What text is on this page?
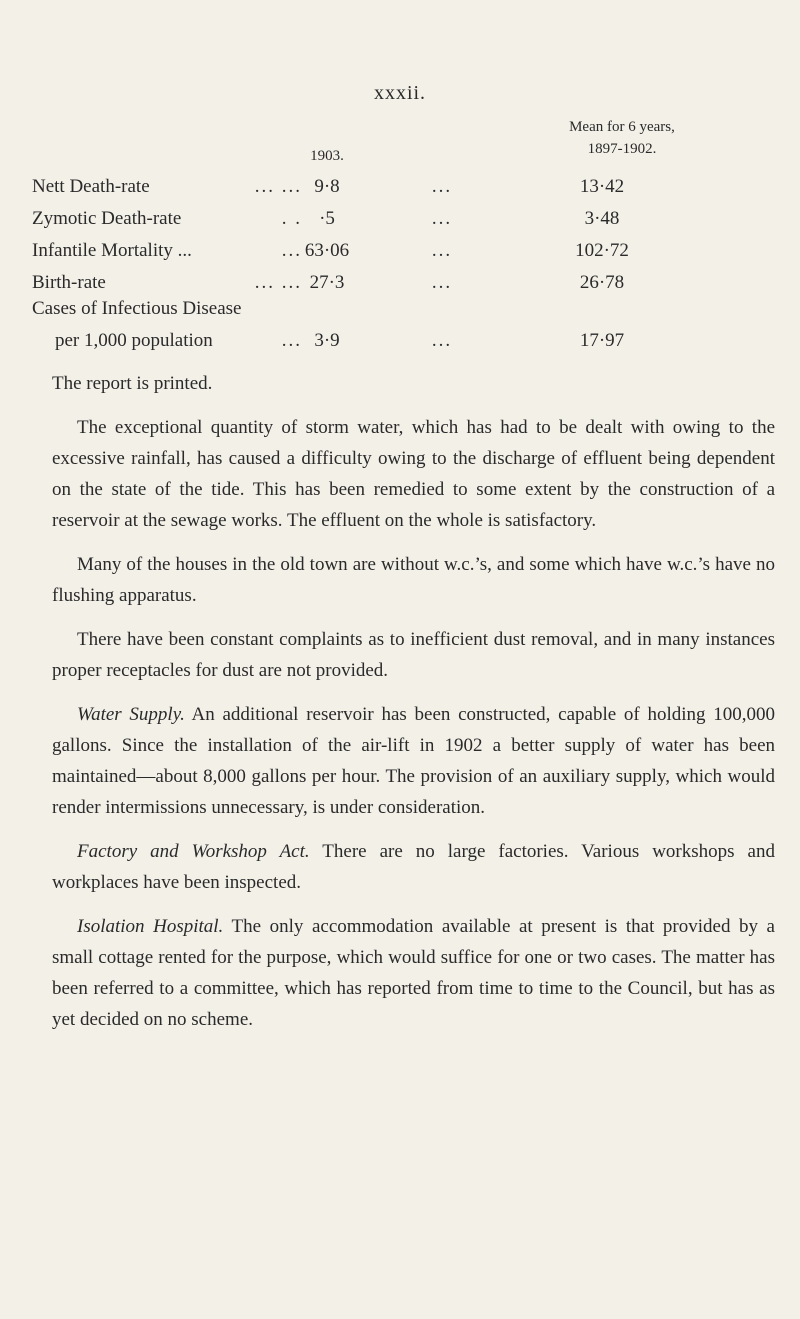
xxxii.
1903.
Mean for 6 years,
1897-1902.
Nett Death-rate	... ... 9·8	...	13·42
Zymotic Death-rate	. . ·5	...	3·48
Infantile Mortality ...	... 63·06	...	102·72
Birth-rate	... ... 27·3	...	26·78
Cases of Infectious Disease
per 1,000 population	... 3·9	...	17·97

The report is printed.

The exceptional quantity of storm water, which has had to be dealt with owing to the excessive rainfall, has caused a difficulty owing to the discharge of effluent being dependent on the state of the tide. This has been remedied to some extent by the construction of a reservoir at the sewage works. The effluent on the whole is satisfactory.

Many of the houses in the old town are without w.c.’s, and some which have w.c.’s have no flushing apparatus.

There have been constant complaints as to inefficient dust removal, and in many instances proper receptacles for dust are not provided.

Water Supply. An additional reservoir has been constructed, capable of holding 100,000 gallons. Since the installation of the air-lift in 1902 a better supply of water has been maintained—about 8,000 gallons per hour. The provision of an auxiliary supply, which would render intermissions unnecessary, is under consideration.

Factory and Workshop Act. There are no large factories. Various workshops and workplaces have been inspected.

Isolation Hospital. The only accommodation available at present is that provided by a small cottage rented for the purpose, which would suffice for one or two cases. The matter has been referred to a committee, which has reported from time to time to the Council, but has as yet decided on no scheme.
